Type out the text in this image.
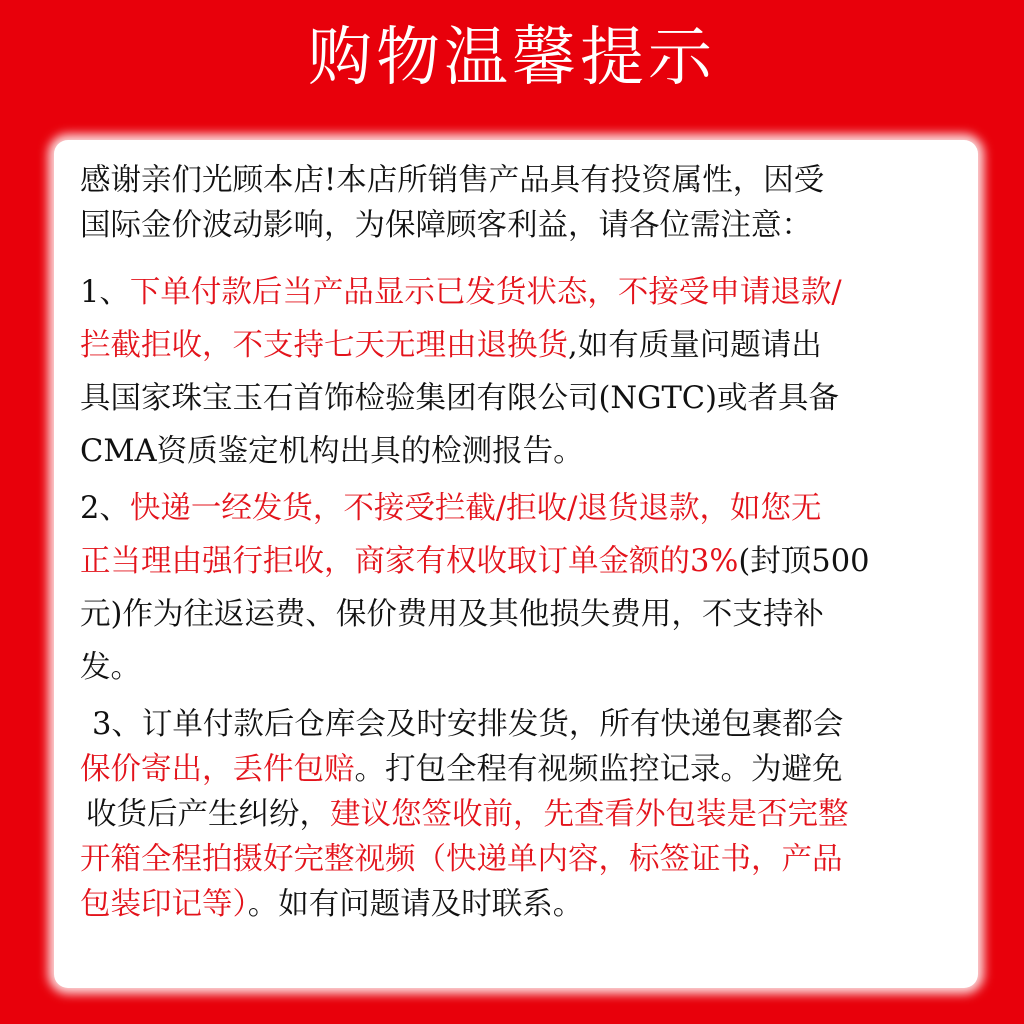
购物温馨提示
感谢亲们光顾本店!本店所销售产品具有投资属性，因受
国际金价波动影响，为保障顾客利益，请各位需注意：
1、下单付款后当产品显示已发货状态，不接受申请退款/
拦截拒收，不支持七天无理由退换货,如有质量问题请出
具国家珠宝玉石首饰检验集团有限公司(NGTC)或者具备
CMA资质鉴定机构出具的检测报告。
2、快递一经发货，不接受拦截/拒收/退货退款，如您无
正当理由强行拒收，商家有权收取订单金额的3%(封顶500
元)作为往返运费、保价费用及其他损失费用，不支持补
发。
3、订单付款后仓库会及时安排发货，所有快递包裹都会
保价寄出，丢件包赔。打包全程有视频监控记录。为避免
收货后产生纠纷，建议您签收前，先查看外包装是否完整
开箱全程拍摄好完整视频（快递单内容，标签证书，产品
包装印记等）。如有问题请及时联系。
